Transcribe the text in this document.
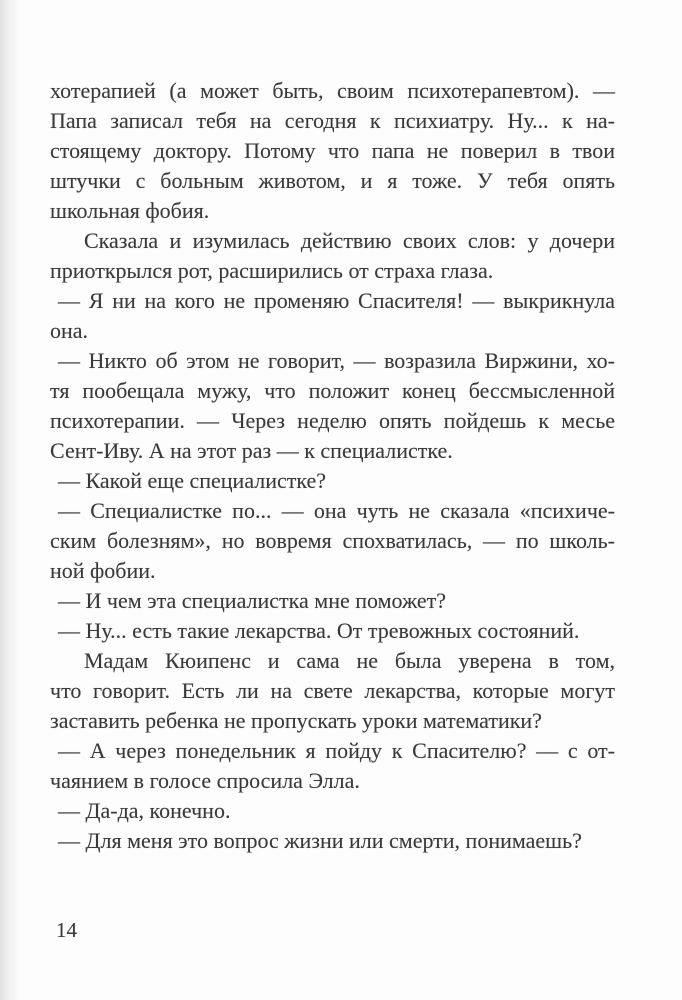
хотерапией (а может быть, своим психотерапевтом). —
Папа записал тебя на сегодня к психиатру. Ну... к на-
стоящему доктору. Потому что папа не поверил в твои
штучки с больным животом, и я тоже. У тебя опять
школьная фобия.
Сказала и изумилась действию своих слов: у дочери
приоткрылся рот, расширились от страха глаза.
— Я ни на кого не променяю Спасителя! — выкрикнула
она.
— Никто об этом не говорит, — возразила Виржини, хо-
тя пообещала мужу, что положит конец бессмысленной
психотерапии. — Через неделю опять пойдешь к месье
Сент-Иву. А на этот раз — к специалистке.
— Какой еще специалистке?
— Специалистке по... — она чуть не сказала «психиче-
ским болезням», но вовремя спохватилась, — по школь-
ной фобии.
— И чем эта специалистка мне поможет?
— Ну... есть такие лекарства. От тревожных состояний.
Мадам Кюипенс и сама не была уверена в том,
что говорит. Есть ли на свете лекарства, которые могут
заставить ребенка не пропускать уроки математики?
— А через понедельник я пойду к Спасителю? — с от-
чаянием в голосе спросила Элла.
— Да-да, конечно.
— Для меня это вопрос жизни или смерти, понимаешь?
14
